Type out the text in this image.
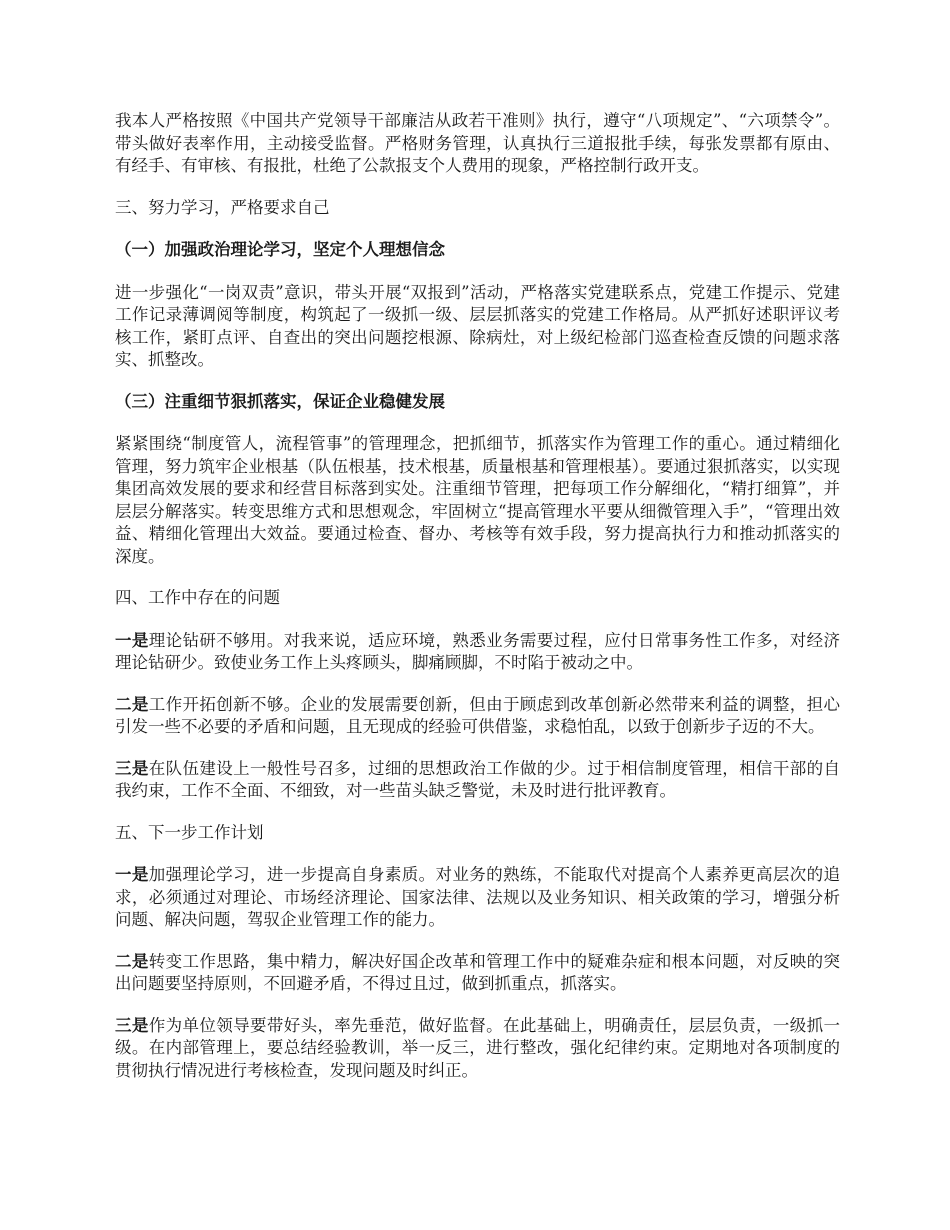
我本人严格按照《中国共产党领导干部廉洁从政若干准则》执行，遵守“八项规定”、“六项禁令”。带头做好表率作用，主动接受监督。严格财务管理，认真执行三道报批手续，每张发票都有原由、有经手、有审核、有报批，杜绝了公款报支个人费用的现象，严格控制行政开支。

三、努力学习，严格要求自己

（一）加强政治理论学习，坚定个人理想信念

进一步强化“一岗双责”意识，带头开展“双报到”活动，严格落实党建联系点，党建工作提示、党建工作记录薄调阅等制度，构筑起了一级抓一级、层层抓落实的党建工作格局。从严抓好述职评议考核工作，紧盯点评、自查出的突出问题挖根源、除病灶，对上级纪检部门巡查检查反馈的问题求落实、抓整改。

（三）注重细节狠抓落实，保证企业稳健发展

紧紧围绕“制度管人，流程管事”的管理理念，把抓细节，抓落实作为管理工作的重心。通过精细化管理，努力筑牢企业根基（队伍根基，技术根基，质量根基和管理根基）。要通过狠抓落实，以实现集团高效发展的要求和经营目标落到实处。注重细节管理，把每项工作分解细化，“精打细算”，并层层分解落实。转变思维方式和思想观念，牢固树立“提高管理水平要从细微管理入手”，“管理出效益、精细化管理出大效益。要通过检查、督办、考核等有效手段，努力提高执行力和推动抓落实的深度。

四、工作中存在的问题

一是理论钻研不够用。对我来说，适应环境，熟悉业务需要过程，应付日常事务性工作多，对经济理论钻研少。致使业务工作上头疼顾头，脚痛顾脚，不时陷于被动之中。

二是工作开拓创新不够。企业的发展需要创新，但由于顾虑到改革创新必然带来利益的调整，担心引发一些不必要的矛盾和问题，且无现成的经验可供借鉴，求稳怕乱，以致于创新步子迈的不大。

三是在队伍建设上一般性号召多，过细的思想政治工作做的少。过于相信制度管理，相信干部的自我约束，工作不全面、不细致，对一些苗头缺乏警觉，未及时进行批评教育。

五、下一步工作计划

一是加强理论学习，进一步提高自身素质。对业务的熟练，不能取代对提高个人素养更高层次的追求，必须通过对理论、市场经济理论、国家法律、法规以及业务知识、相关政策的学习，增强分析问题、解决问题，驾驭企业管理工作的能力。

二是转变工作思路，集中精力，解决好国企改革和管理工作中的疑难杂症和根本问题，对反映的突出问题要坚持原则，不回避矛盾，不得过且过，做到抓重点，抓落实。

三是作为单位领导要带好头，率先垂范，做好监督。在此基础上，明确责任，层层负责，一级抓一级。在内部管理上，要总结经验教训，举一反三，进行整改，强化纪律约束。定期地对各项制度的贯彻执行情况进行考核检查，发现问题及时纠正。
